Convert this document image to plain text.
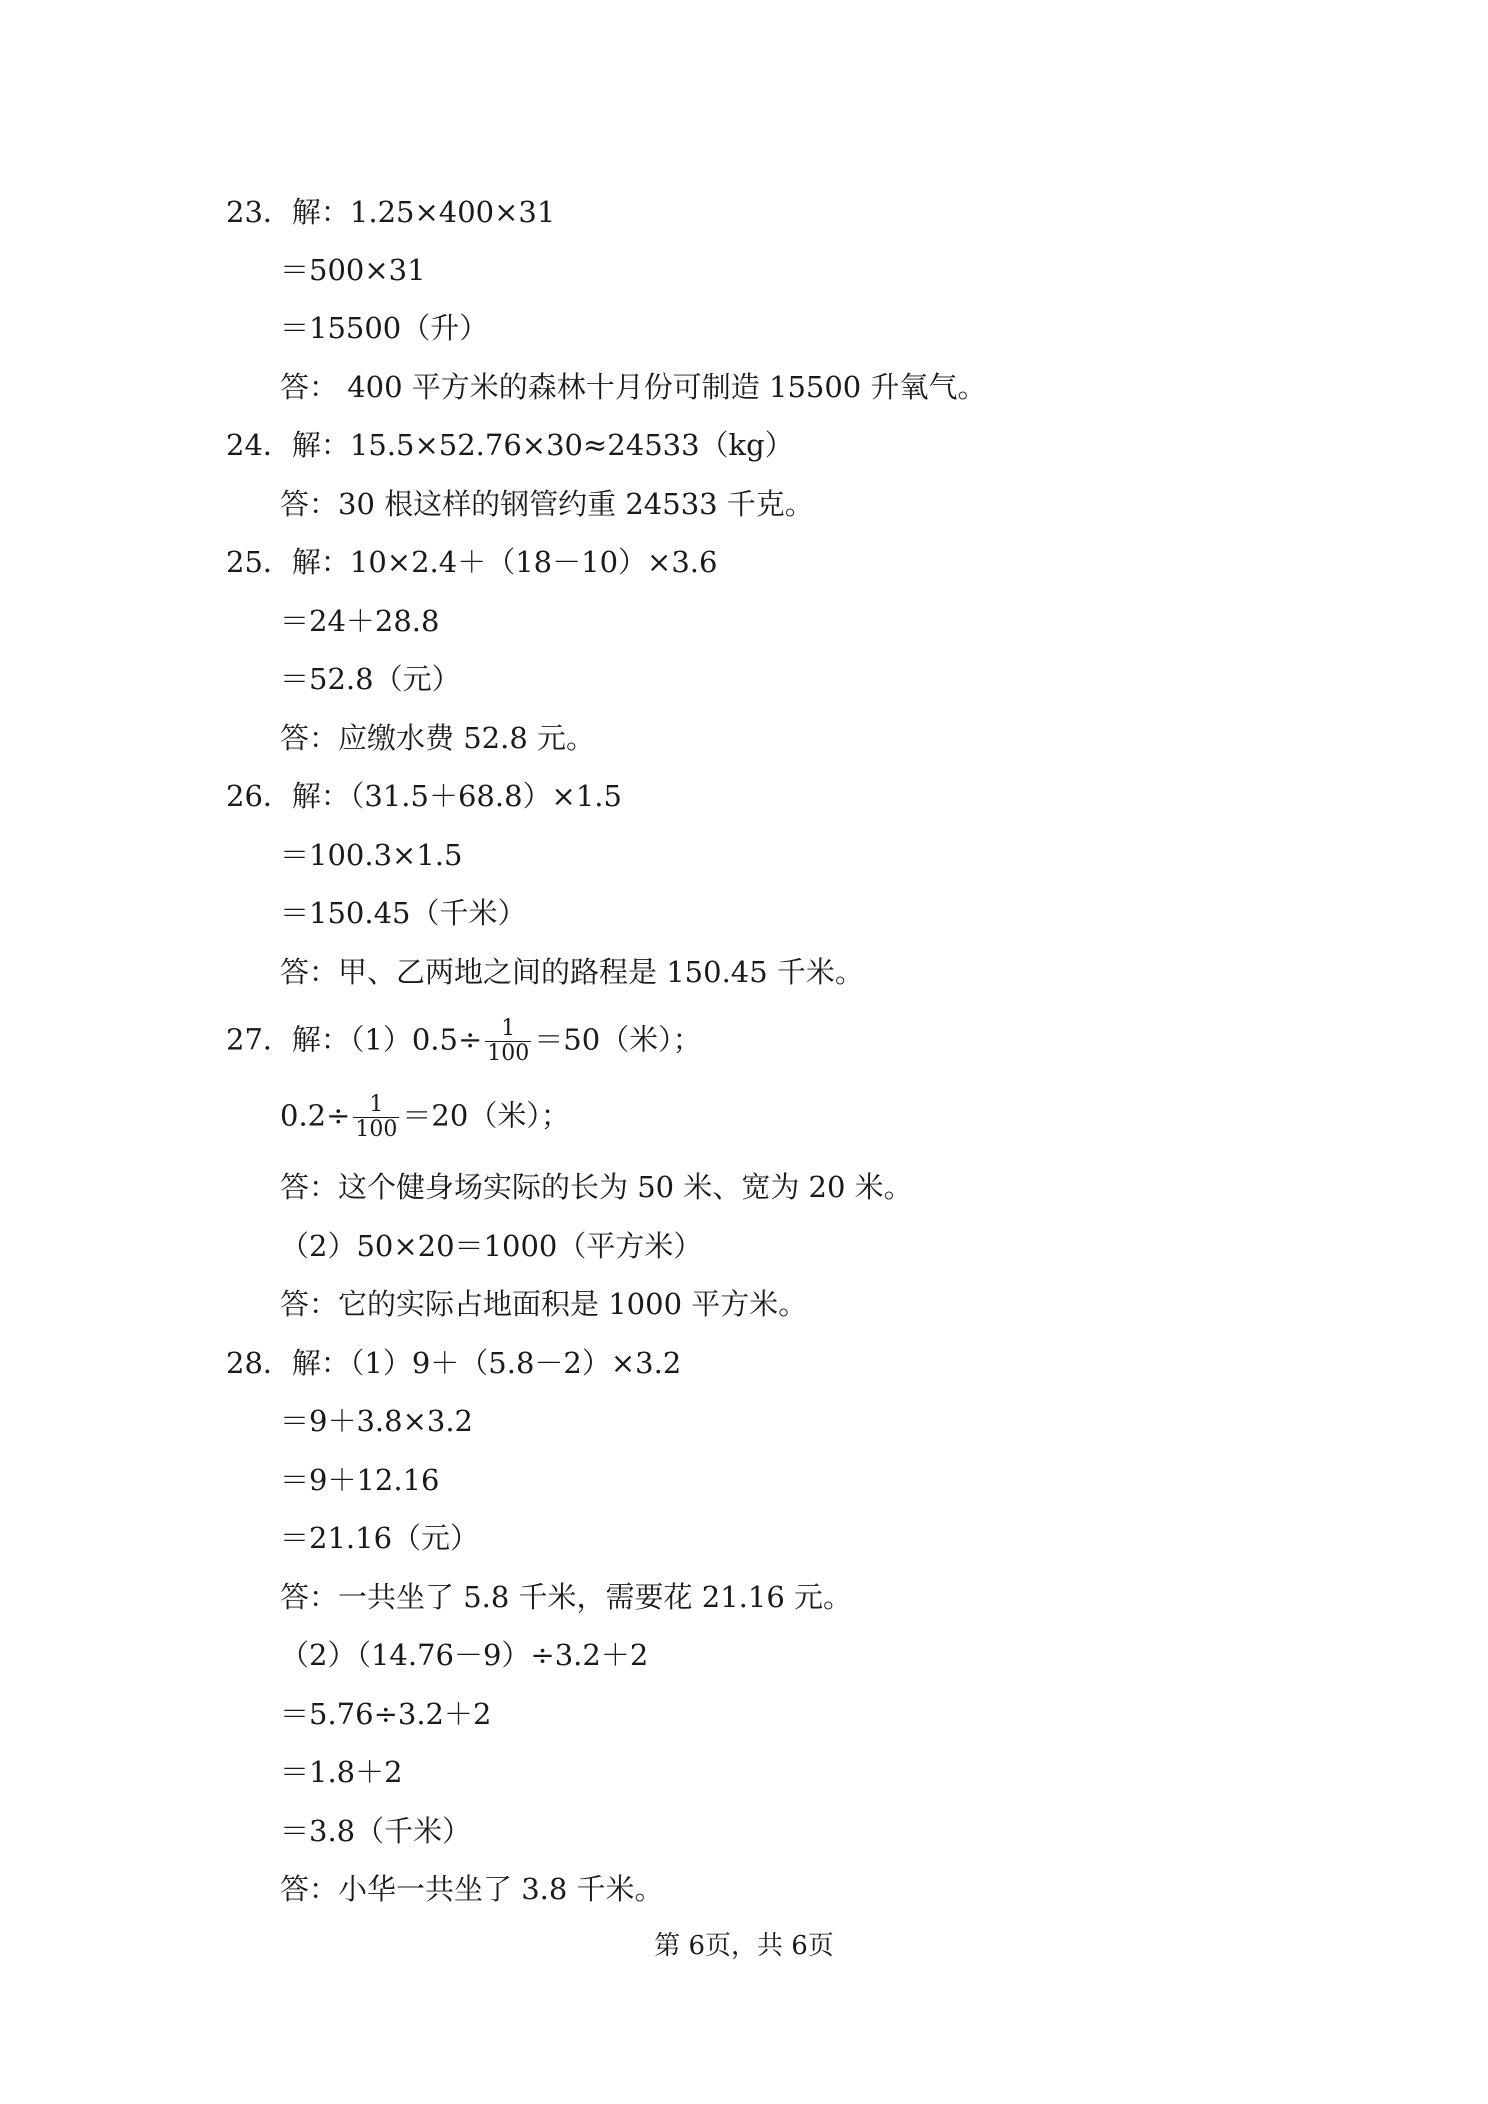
23．解：1.25×400×31
＝500×31
＝15500（升）
答： 400 平方米的森林十月份可制造 15500 升氧气。
24．解：15.5×52.76×30≈24533（kg）
答：30 根这样的钢管约重 24533 千克。
25．解：10×2.4＋（18－10）×3.6
＝24＋28.8
＝52.8（元）
答：应缴水费 52.8 元。
26．解：（31.5＋68.8）×1.5
＝100.3×1.5
＝150.45（千米）
答：甲、乙两地之间的路程是 150.45 千米。
27．解：$(1)0.5\div \frac{1}{100} =50$（米）；
$0.2\div \frac{1}{100} =20$（米）；
答：这个健身场实际的长为 50 米、宽为 20 米。
（2）50×20＝1000（平方米）
答：它的实际占地面积是 1000 平方米。
28．解：（1）9＋（5.8－2）×3.2
＝9＋3.8×3.2
＝9＋12.16
＝21.16（元）
答：一共坐了 5.8 千米，需要花 21.16 元。
（2）（14.76－9）÷3.2＋2
＝5.76÷3.2＋2
＝1.8＋2
＝3.8（千米）
答：小华一共坐了 3.8 千米。
第 6页，共 6页
